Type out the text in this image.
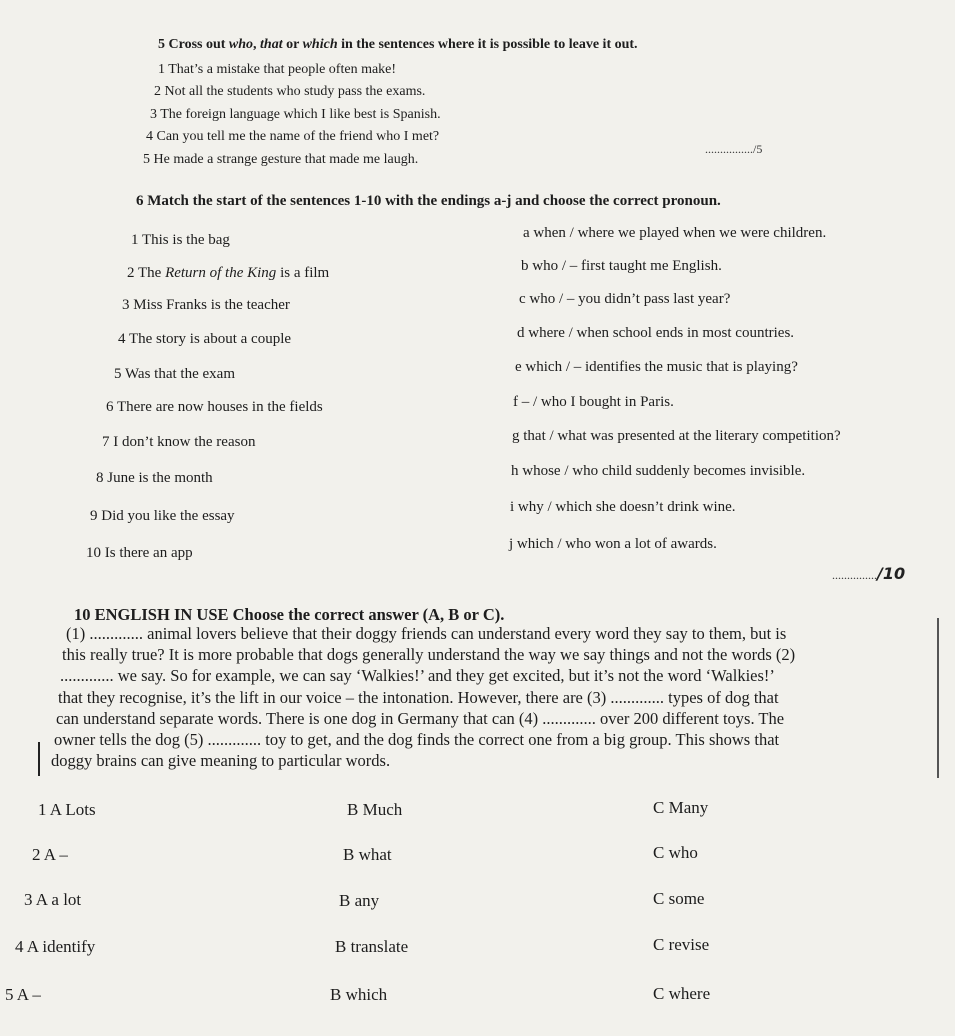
5 Cross out who, that or which in the sentences where it is possible to leave it out.
1 That’s a mistake that people often make!
2 Not all the students who study pass the exams.
3 The foreign language which I like best is Spanish.
4 Can you tell me the name of the friend who I met?
5 He made a strange gesture that made me laugh.
................/5
6 Match the start of the sentences 1-10 with the endings a-j and choose the correct pronoun.
1 This is the bag
2 The Return of the King is a film
3 Miss Franks is the teacher
4 The story is about a couple
5 Was that the exam
6 There are now houses in the fields
7 I don’t know the reason
8 June is the month
9 Did you like the essay
10 Is there an app
a when / where we played when we were children.
b who / – first taught me English.
c who / – you didn’t pass last year?
d where / when school ends in most countries.
e which / – identifies the music that is playing?
f – / who I bought in Paris.
g that / what was presented at the literary competition?
h whose / who child suddenly becomes invisible.
i why / which she doesn’t drink wine.
j which / who won a lot of awards.
.............../10
10 ENGLISH IN USE Choose the correct answer (A, B or C).
(1) ............. animal lovers believe that their doggy friends can understand every word they say to them, but is
this really true? It is more probable that dogs generally understand the way we say things and not the words (2)
............. we say. So for example, we can say ‘Walkies!’ and they get excited, but it’s not the word ‘Walkies!’
that they recognise, it’s the lift in our voice – the intonation. However, there are (3) ............. types of dog that
can understand separate words. There is one dog in Germany that can (4) ............. over 200 different toys. The
owner tells the dog (5) ............. toy to get, and the dog finds the correct one from a big group. This shows that
doggy brains can give meaning to particular words.
1 A Lots	B Much	C Many
2 A –	B what	C who
3 A a lot	B any	C some
4 A identify	B translate	C revise
5 A –	B which	C where
